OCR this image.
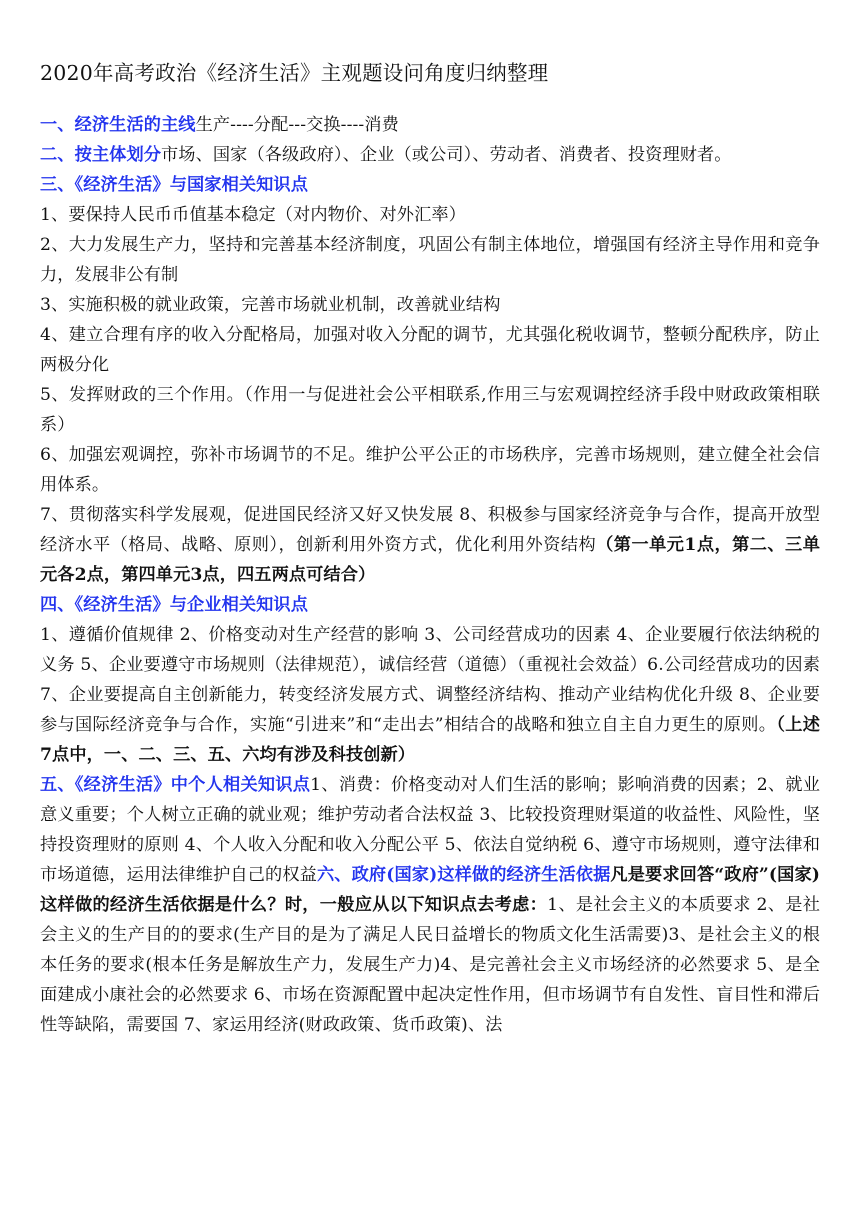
2020年高考政治《经济生活》主观题设问角度归纳整理

一、经济生活的主线生产----分配---交换----消费

二、按主体划分市场、国家（各级政府）、企业（或公司）、劳动者、消费者、投资理财者。

三、《经济生活》与国家相关知识点

1、要保持人民币币值基本稳定（对内物价、对外汇率）

2、大力发展生产力，坚持和完善基本经济制度，巩固公有制主体地位，增强国有经济主导作用和竞争力，发展非公有制

3、实施积极的就业政策，完善市场就业机制，改善就业结构

4、建立合理有序的收入分配格局，加强对收入分配的调节，尤其强化税收调节，整顿分配秩序，防止两极分化

5、发挥财政的三个作用。（作用一与促进社会公平相联系,作用三与宏观调控经济手段中财政政策相联系）

6、加强宏观调控，弥补市场调节的不足。维护公平公正的市场秩序，完善市场规则，建立健全社会信用体系。

7、贯彻落实科学发展观，促进国民经济又好又快发展 8、积极参与国家经济竞争与合作，提高开放型经济水平（格局、战略、原则），创新利用外资方式，优化利用外资结构（第一单元1点，第二、三单元各2点，第四单元3点，四五两点可结合）

四、《经济生活》与企业相关知识点

1、遵循价值规律 2、价格变动对生产经营的影响 3、公司经营成功的因素 4、企业要履行依法纳税的义务 5、企业要遵守市场规则（法律规范），诚信经营（道德）（重视社会效益）6.公司经营成功的因素 7、企业要提高自主创新能力，转变经济发展方式、调整经济结构、推动产业结构优化升级 8、企业要参与国际经济竞争与合作，实施“引进来”和“走出去”相结合的战略和独立自主自力更生的原则。（上述7点中，一、二、三、五、六均有涉及科技创新）

五、《经济生活》中个人相关知识点1、消费：价格变动对人们生活的影响；影响消费的因素；2、就业意义重要；个人树立正确的就业观；维护劳动者合法权益 3、比较投资理财渠道的收益性、风险性，坚持投资理财的原则 4、个人收入分配和收入分配公平 5、依法自觉纳税 6、遵守市场规则，遵守法律和市场道德，运用法律维护自己的权益六、政府(国家)这样做的经济生活依据凡是要求回答“政府”(国家)这样做的经济生活依据是什么？时，一般应从以下知识点去考虑：1、是社会主义的本质要求 2、是社会主义的生产目的的要求(生产目的是为了满足人民日益增长的物质文化生活需要)3、是社会主义的根本任务的要求(根本任务是解放生产力，发展生产力)4、是完善社会主义市场经济的必然要求 5、是全面建成小康社会的必然要求 6、市场在资源配置中起决定性作用，但市场调节有自发性、盲目性和滞后性等缺陷，需要国 7、家运用经济(财政政策、货币政策)、法
